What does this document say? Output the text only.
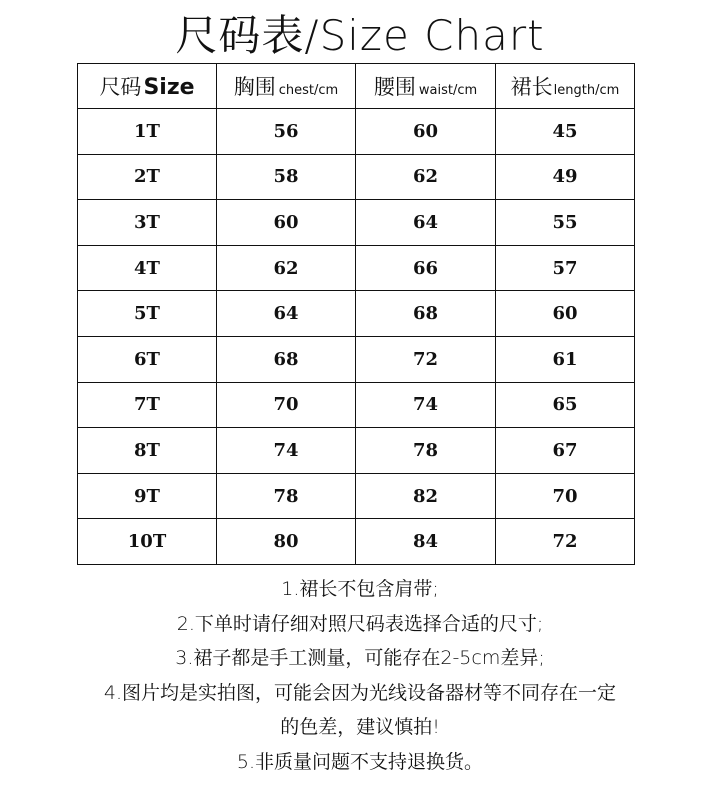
尺码表/Size Chart
尺码Size	胸围 chest/cm	腰围 waist/cm	裙长length/cm
1T	56	60	45
2T	58	62	49
3T	60	64	55
4T	62	66	57
5T	64	68	60
6T	68	72	61
7T	70	74	65
8T	74	78	67
9T	78	82	70
10T	80	84	72
1.裙长不包含肩带;
2.下单时请仔细对照尺码表选择合适的尺寸;
3.裙子都是手工测量，可能存在2-5cm差异;
4.图片均是实拍图，可能会因为光线设备器材等不同存在一定
的色差，建议慎拍!
5.非质量问题不支持退换货。
